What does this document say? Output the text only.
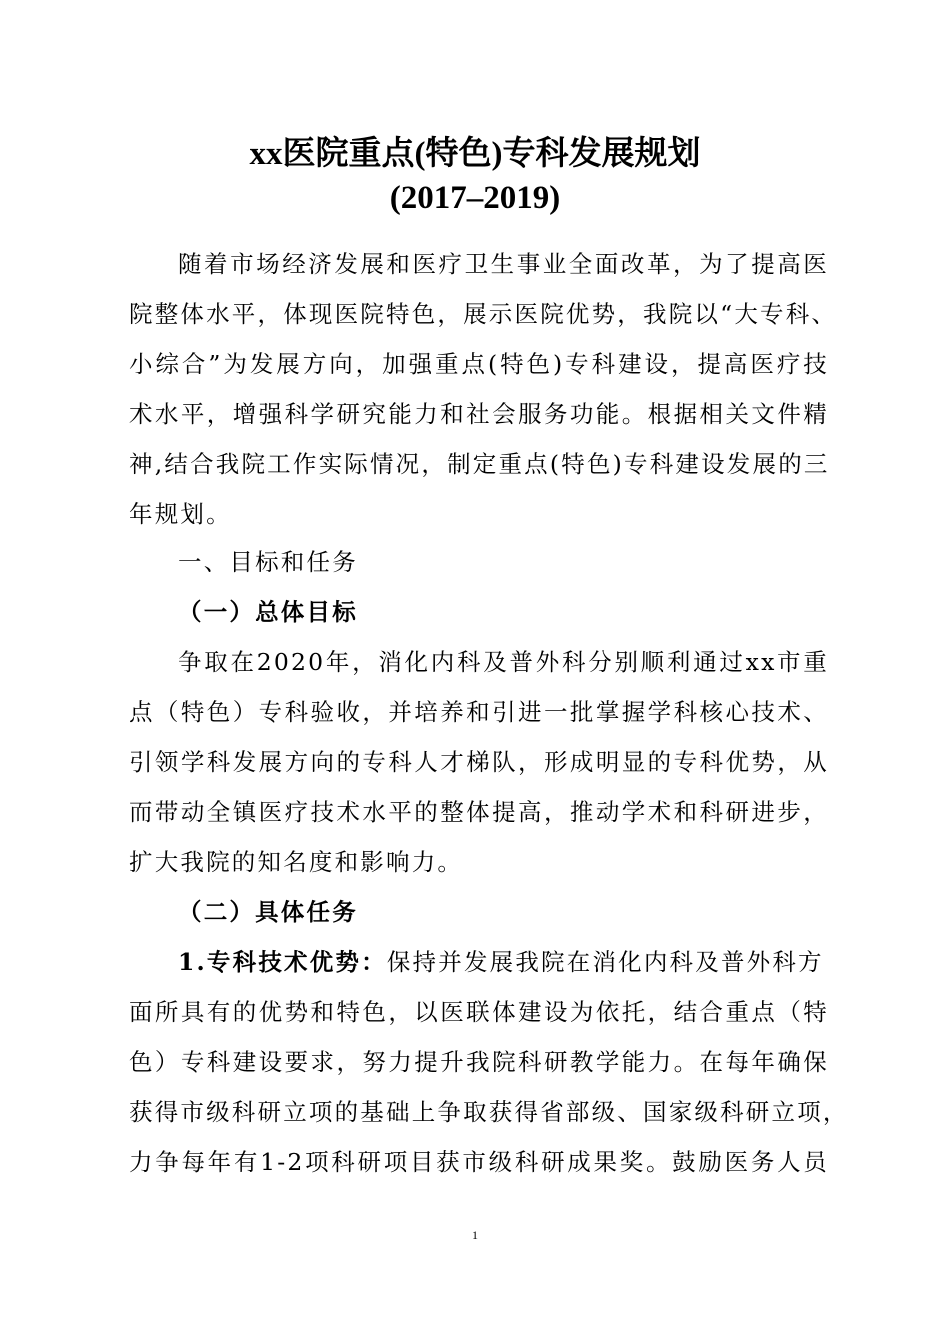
xx医院重点(特色)专科发展规划
(2017–2019)
随着市场经济发展和医疗卫生事业全面改革，为了提高医
院整体水平，体现医院特色，展示医院优势，我院以“大专科、
小综合”为发展方向，加强重点(特色)专科建设，提高医疗技
术水平，增强科学研究能力和社会服务功能。根据相关文件精
神,结合我院工作实际情况，制定重点(特色)专科建设发展的三
年规划。
一、目标和任务
（一）总体目标
争取在2020年，消化内科及普外科分别顺利通过xx市重
点（特色）专科验收，并培养和引进一批掌握学科核心技术、
引领学科发展方向的专科人才梯队，形成明显的专科优势，从
而带动全镇医疗技术水平的整体提高，推动学术和科研进步，
扩大我院的知名度和影响力。
（二）具体任务
1.专科技术优势：保持并发展我院在消化内科及普外科方
面所具有的优势和特色，以医联体建设为依托，结合重点（特
色）专科建设要求，努力提升我院科研教学能力。在每年确保
获得市级科研立项的基础上争取获得省部级、国家级科研立项，
力争每年有1-2项科研项目获市级科研成果奖。鼓励医务人员
1
